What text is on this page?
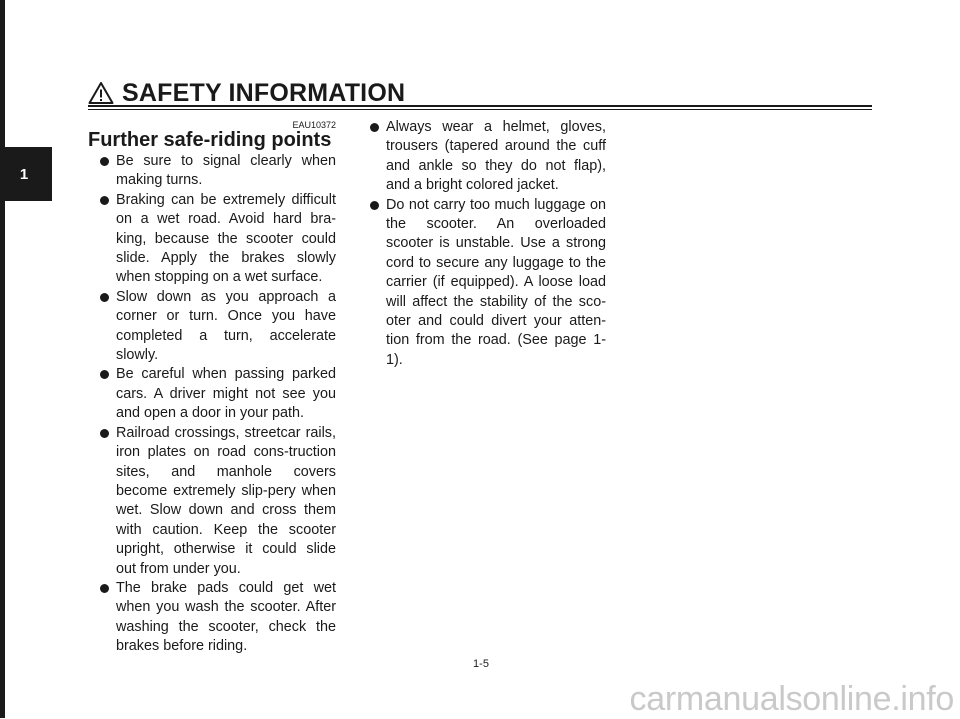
1
SAFETY INFORMATION
EAU10372
Further safe-riding points
Be sure to signal clearly when making turns.
Braking can be extremely difficult on a wet road. Avoid hard bra-king, because the scooter could slide. Apply the brakes slowly when stopping on a wet surface.
Slow down as you approach a corner or turn. Once you have completed a turn, accelerate slowly.
Be careful when passing parked cars. A driver might not see you and open a door in your path.
Railroad crossings, streetcar rails, iron plates on road cons-truction sites, and manhole covers become extremely slip-pery when wet. Slow down and cross them with caution. Keep the scooter upright, otherwise it could slide out from under you.
The brake pads could get wet when you wash the scooter. After washing the scooter, check the brakes before riding.
Always wear a helmet, gloves, trousers (tapered around the cuff and ankle so they do not flap), and a bright colored jacket.
Do not carry too much luggage on the scooter. An overloaded scooter is unstable. Use a strong cord to secure any luggage to the carrier (if equipped). A loose load will affect the stability of the sco-oter and could divert your atten-tion from the road. (See page 1-1).
1-5
carmanualsonline.info
